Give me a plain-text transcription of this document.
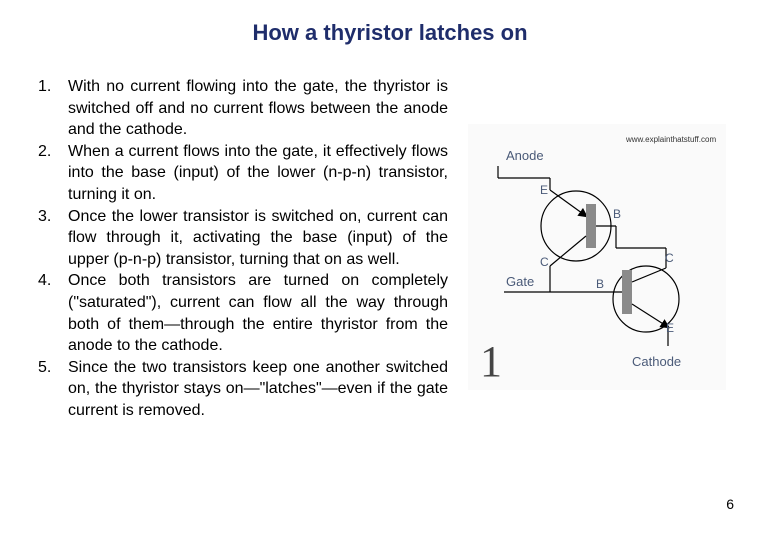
How a thyristor latches on
1. With no current flowing into the gate, the thyristor is switched off and no current flows between the anode and the cathode.
2. When a current flows into the gate, it effectively flows into the base (input) of the lower (n-p-n) transistor, turning it on.
3. Once the lower transistor is switched on, current can flow through it, activating the base (input) of the upper (p-n-p) transistor, turning that on as well.
4. Once both transistors are turned on completely ("saturated"), current can flow all the way through both of them—through the entire thyristor from the anode to the cathode.
5. Since the two transistors keep one another switched on, the thyristor stays on—"latches"—even if the gate current is removed.
www.explainthatstuff.com
Anode
E
B
C
Gate
C
B
E
Cathode
1
6
